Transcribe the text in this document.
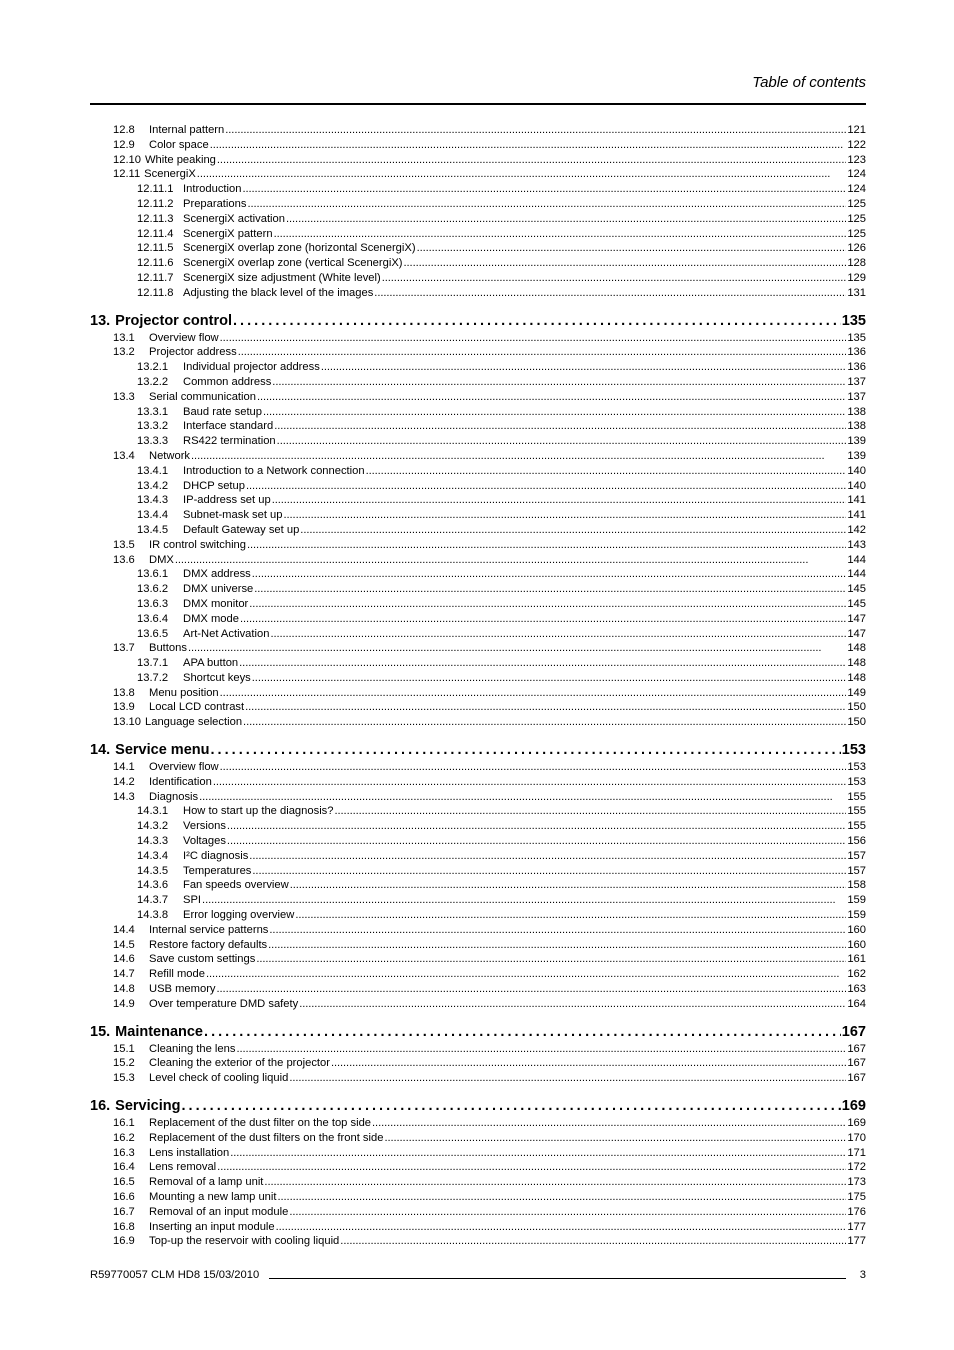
Table of contents
12.8	Internal pattern . . .	121
12.9	Color space . . .	122
12.10 White peaking . . .	123
12.11 ScenergiX . . .	124
12.11.1 Introduction . . .	124
12.11.2 Preparations . . .	125
12.11.3 ScenergiX activation . . .	125
12.11.4 ScenergiX pattern . . .	125
12.11.5 ScenergiX overlap zone (horizontal ScenergiX) . . .	126
12.11.6 ScenergiX overlap zone (vertical ScenergiX) . . .	128
12.11.7 ScenergiX size adjustment (White level) . . .	129
12.11.8 Adjusting the black level of the images . . .	131
13. Projector control . . .	135
13.1	Overview flow . . .	135
13.2	Projector address . . .	136
13.2.1	Individual projector address . . .	136
13.2.2	Common address . . .	137
13.3	Serial communication . . .	137
13.3.1	Baud rate setup . . .	138
13.3.2	Interface standard . . .	138
13.3.3	RS422 termination . . .	139
13.4	Network . . .	139
13.4.1	Introduction to a Network connection . . .	140
13.4.2	DHCP setup . . .	140
13.4.3	IP-address set up . . .	141
13.4.4	Subnet-mask set up . . .	141
13.4.5	Default Gateway set up . . .	142
13.5	IR control switching . . .	143
13.6	DMX . . .	144
13.6.1	DMX address . . .	144
13.6.2	DMX universe . . .	145
13.6.3	DMX monitor . . .	145
13.6.4	DMX mode . . .	147
13.6.5	Art-Net Activation . . .	147
13.7	Buttons . . .	148
13.7.1	APA button . . .	148
13.7.2	Shortcut keys . . .	148
13.8	Menu position . . .	149
13.9	Local LCD contrast . . .	150
13.10 Language selection . . .	150
14. Service menu . . .	153
14.1	Overview flow . . .	153
14.2	Identification . . .	153
14.3	Diagnosis . . .	155
14.3.1	How to start up the diagnosis? . . .	155
14.3.2	Versions . . .	155
14.3.3	Voltages . . .	156
14.3.4	I²C diagnosis . . .	157
14.3.5	Temperatures . . .	157
14.3.6	Fan speeds overview . . .	158
14.3.7	SPI . . .	159
14.3.8	Error logging overview . . .	159
14.4	Internal service patterns . . .	160
14.5	Restore factory defaults . . .	160
14.6	Save custom settings . . .	161
14.7	Refill mode . . .	162
14.8	USB memory . . .	163
14.9	Over temperature DMD safety . . .	164
15. Maintenance . . .	167
15.1	Cleaning the lens . . .	167
15.2	Cleaning the exterior of the projector . . .	167
15.3	Level check of cooling liquid . . .	167
16. Servicing . . .	169
16.1	Replacement of the dust filter on the top side . . .	169
16.2	Replacement of the dust filters on the front side . . .	170
16.3	Lens installation . . .	171
16.4	Lens removal . . .	172
16.5	Removal of a lamp unit . . .	173
16.6	Mounting a new lamp unit . . .	175
16.7	Removal of an input module . . .	176
16.8	Inserting an input module . . .	177
16.9	Top-up the reservoir with cooling liquid . . .	177
R59770057 CLM HD8 15/03/2010	3
